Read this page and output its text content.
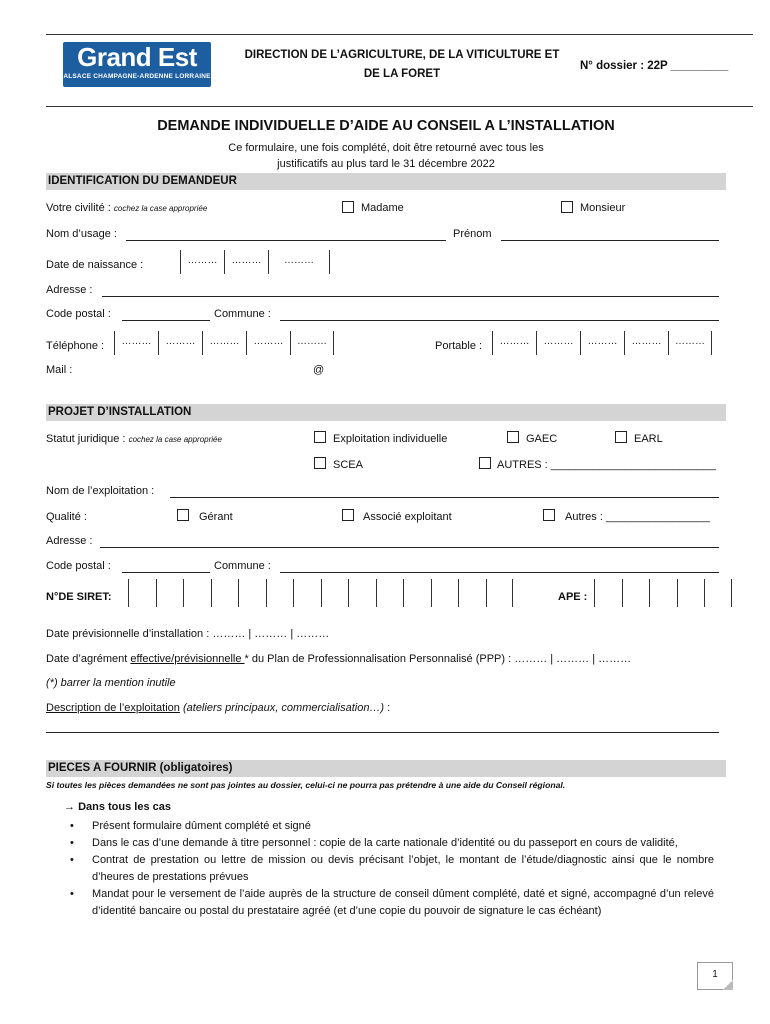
Grand Est
ALSACE CHAMPAGNE-ARDENNE LORRAINE
DIRECTION DE L’AGRICULTURE, DE LA VITICULTURE ET
DE LA FORET
N° dossier : 22P _________
DEMANDE INDIVIDUELLE D’AIDE AU CONSEIL A L’INSTALLATION
Ce formulaire, une fois complété, doit être retourné avec tous les
justificatifs au plus tard le 31 décembre 2022
IDENTIFICATION DU DEMANDEUR
Votre civilité : cochez la case appropriée	Madame	Monsieur
Nom d’usage :	Prénom
Date de naissance :	………	………	………
Adresse :
Code postal :	Commune :
Téléphone :	………	………	………	………	………	Portable :	………	………	………	………	………
Mail :	@
PROJET D’INSTALLATION
Statut juridique : cochez la case appropriée	Exploitation individuelle	GAEC	EARL
SCEA	AUTRES : ___________________________
Nom de l’exploitation :
Qualité :	Gérant	Associé exploitant	Autres : _________________
Adresse :
Code postal :	Commune :
N°DE SIRET:	APE :
Date prévisionnelle d’installation : ……… | ……… | ………
Date d’agrément effective/prévisionnelle * du Plan de Professionnalisation Personnalisé (PPP) : ……… | ……… | ………
(*) barrer la mention inutile
Description de l’exploitation (ateliers principaux, commercialisation…) :
PIECES A FOURNIR (obligatoires)
Si toutes les pièces demandées ne sont pas jointes au dossier, celui-ci ne pourra pas prétendre à une aide du Conseil régional.
→ Dans tous les cas
• Présent formulaire dûment complété et signé
• Dans le cas d’une demande à titre personnel : copie de la carte nationale d’identité ou du passeport en cours de validité,
• Contrat de prestation ou lettre de mission ou devis précisant l’objet, le montant de l’étude/diagnostic ainsi que le nombre d’heures de prestations prévues
• Mandat pour le versement de l’aide auprès de la structure de conseil dûment complété, daté et signé, accompagné d’un relevé d’identité bancaire ou postal du prestataire agréé (et d’une copie du pouvoir de signature le cas échéant)
1
